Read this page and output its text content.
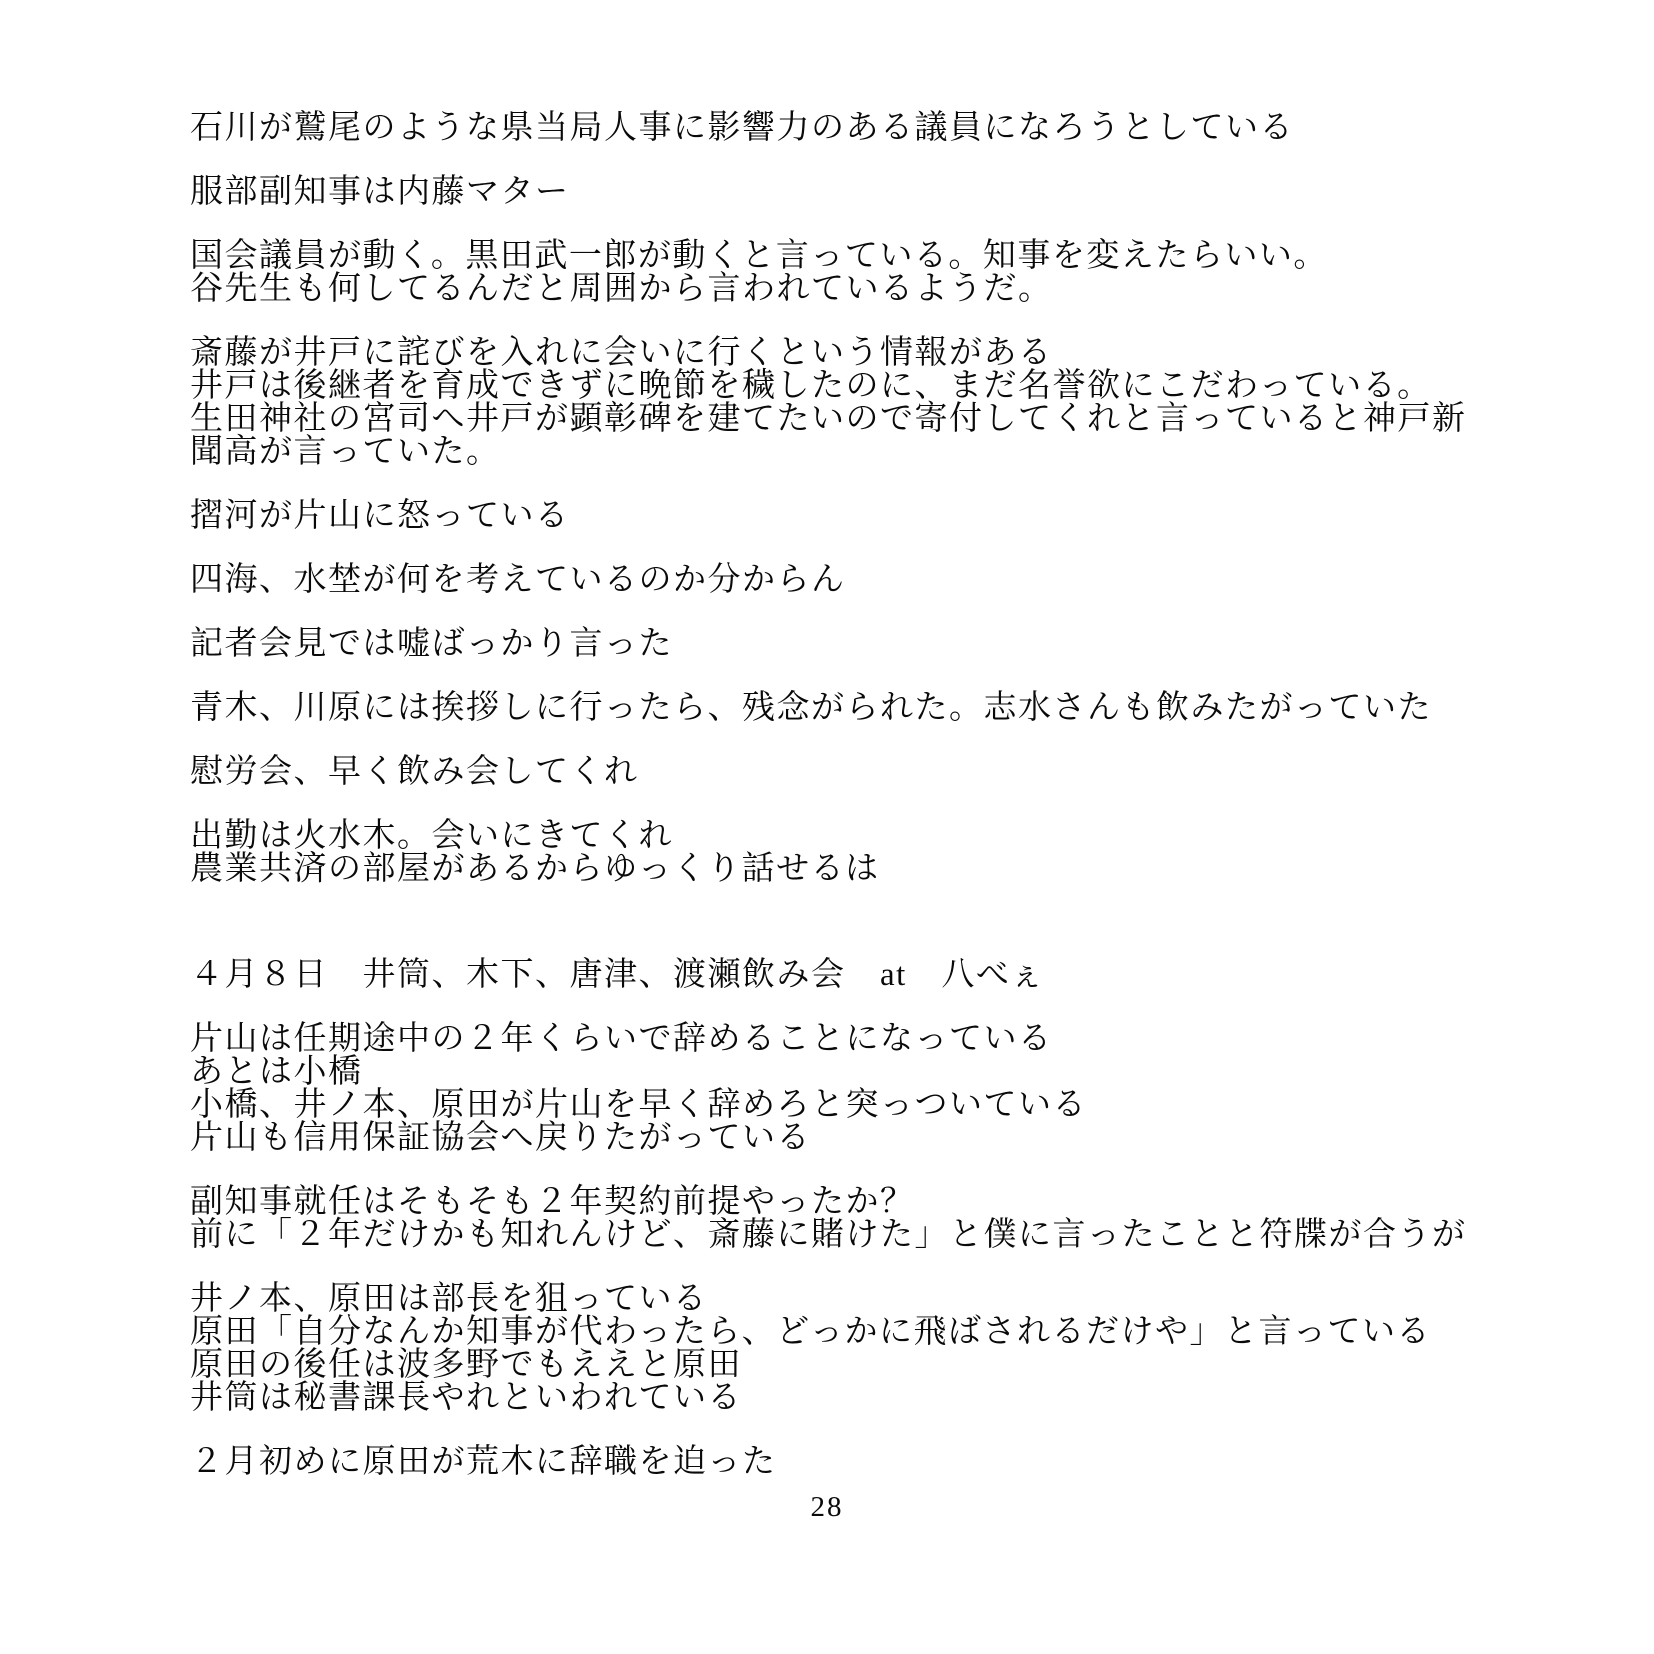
石川が鷲尾のような県当局人事に影響力のある議員になろうとしている
服部副知事は内藤マター
国会議員が動く。黒田武一郎が動くと言っている。知事を変えたらいい。
谷先生も何してるんだと周囲から言われているようだ。
斎藤が井戸に詫びを入れに会いに行くという情報がある
井戸は後継者を育成できずに晩節を穢したのに、まだ名誉欲にこだわっている。
生田神社の宮司へ井戸が顕彰碑を建てたいので寄付してくれと言っていると神戸新
聞高が言っていた。
摺河が片山に怒っている
四海、水埜が何を考えているのか分からん
記者会見では嘘ばっかり言った
青木、川原には挨拶しに行ったら、残念がられた。志水さんも飲みたがっていた
慰労会、早く飲み会してくれ
出勤は火水木。会いにきてくれ
農業共済の部屋があるからゆっくり話せるは
４月８日　井筒、木下、唐津、渡瀬飲み会　at　八べぇ
片山は任期途中の２年くらいで辞めることになっている
あとは小橋
小橋、井ノ本、原田が片山を早く辞めろと突っついている
片山も信用保証協会へ戻りたがっている
副知事就任はそもそも２年契約前提やったか？
前に「２年だけかも知れんけど、斎藤に賭けた」と僕に言ったことと符牒が合うが
井ノ本、原田は部長を狙っている
原田「自分なんか知事が代わったら、どっかに飛ばされるだけや」と言っている
原田の後任は波多野でもええと原田
井筒は秘書課長やれといわれている
２月初めに原田が荒木に辞職を迫った
28
